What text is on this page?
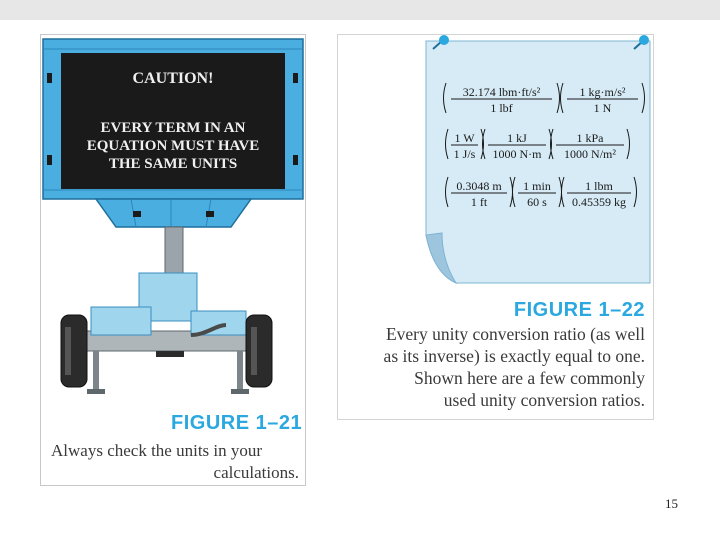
CAUTION!
EVERY TERM IN AN
EQUATION MUST HAVE
THE SAME UNITS
FIGURE 1–21
Always check the units in your
calculations.
32.174 lbm·ft/s²
1 lbf
1 kg·m/s²
1 N
1 W
1 J/s
1 kJ
1000 N·m
1 kPa
1000 N/m²
0.3048 m
1 ft
1 min
60 s
1 lbm
0.45359 kg
FIGURE 1–22
Every unity conversion ratio (as well
as its inverse) is exactly equal to one.
Shown here are a few commonly
used unity conversion ratios.
15
